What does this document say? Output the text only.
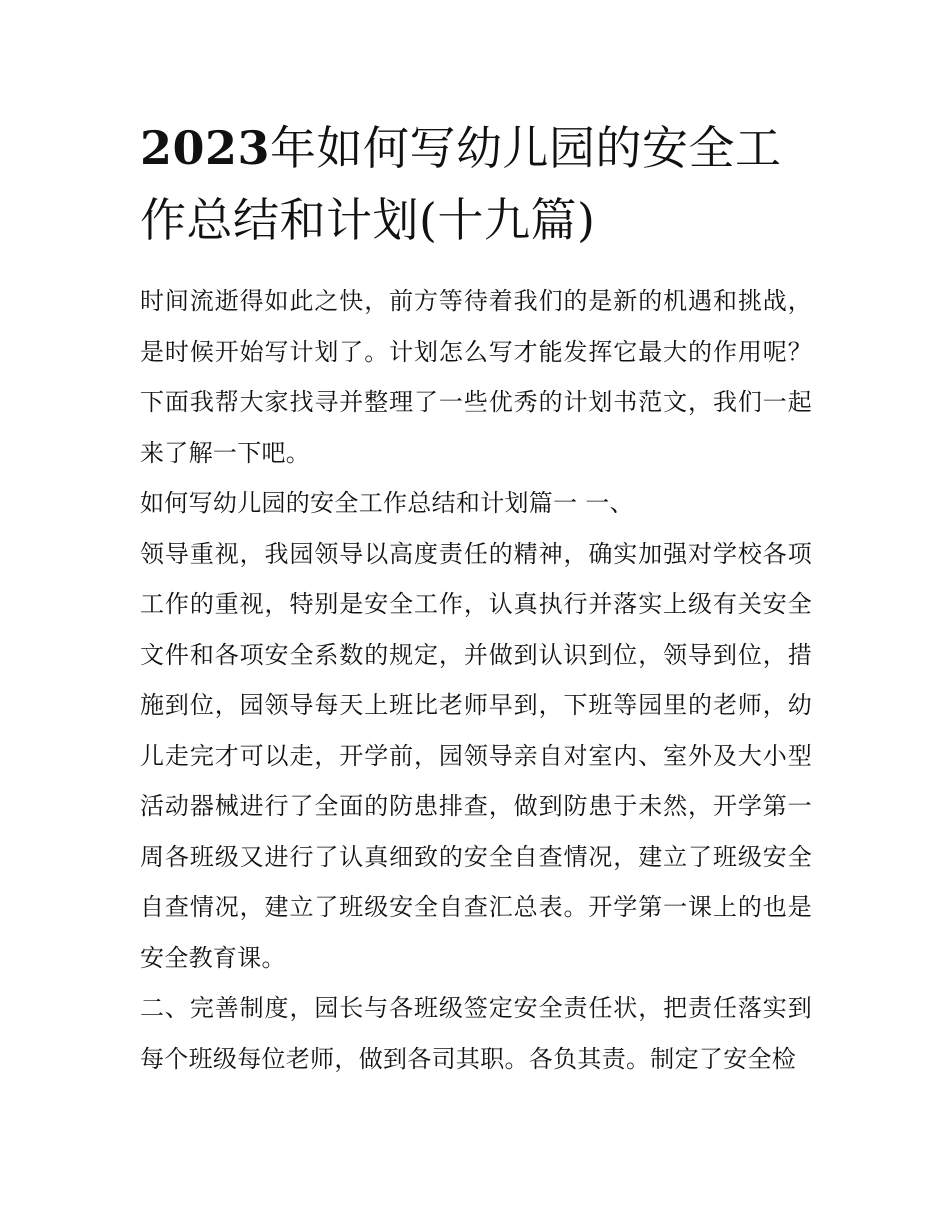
2023年如何写幼儿园的安全工作总结和计划(十九篇)

时间流逝得如此之快，前方等待着我们的是新的机遇和挑战，是时候开始写计划了。计划怎么写才能发挥它最大的作用呢？下面我帮大家找寻并整理了一些优秀的计划书范文，我们一起来了解一下吧。

如何写幼儿园的安全工作总结和计划篇一 一、

领导重视，我园领导以高度责任的精神，确实加强对学校各项工作的重视，特别是安全工作，认真执行并落实上级有关安全文件和各项安全系数的规定，并做到认识到位，领导到位，措施到位，园领导每天上班比老师早到，下班等园里的老师，幼儿走完才可以走，开学前，园领导亲自对室内、室外及大小型活动器械进行了全面的防患排查，做到防患于未然，开学第一周各班级又进行了认真细致的安全自查情况，建立了班级安全自查情况，建立了班级安全自查汇总表。开学第一课上的也是安全教育课。

二、完善制度，园长与各班级签定安全责任状，把责任落实到每个班级每位老师，做到各司其职。各负其责。制定了安全检
